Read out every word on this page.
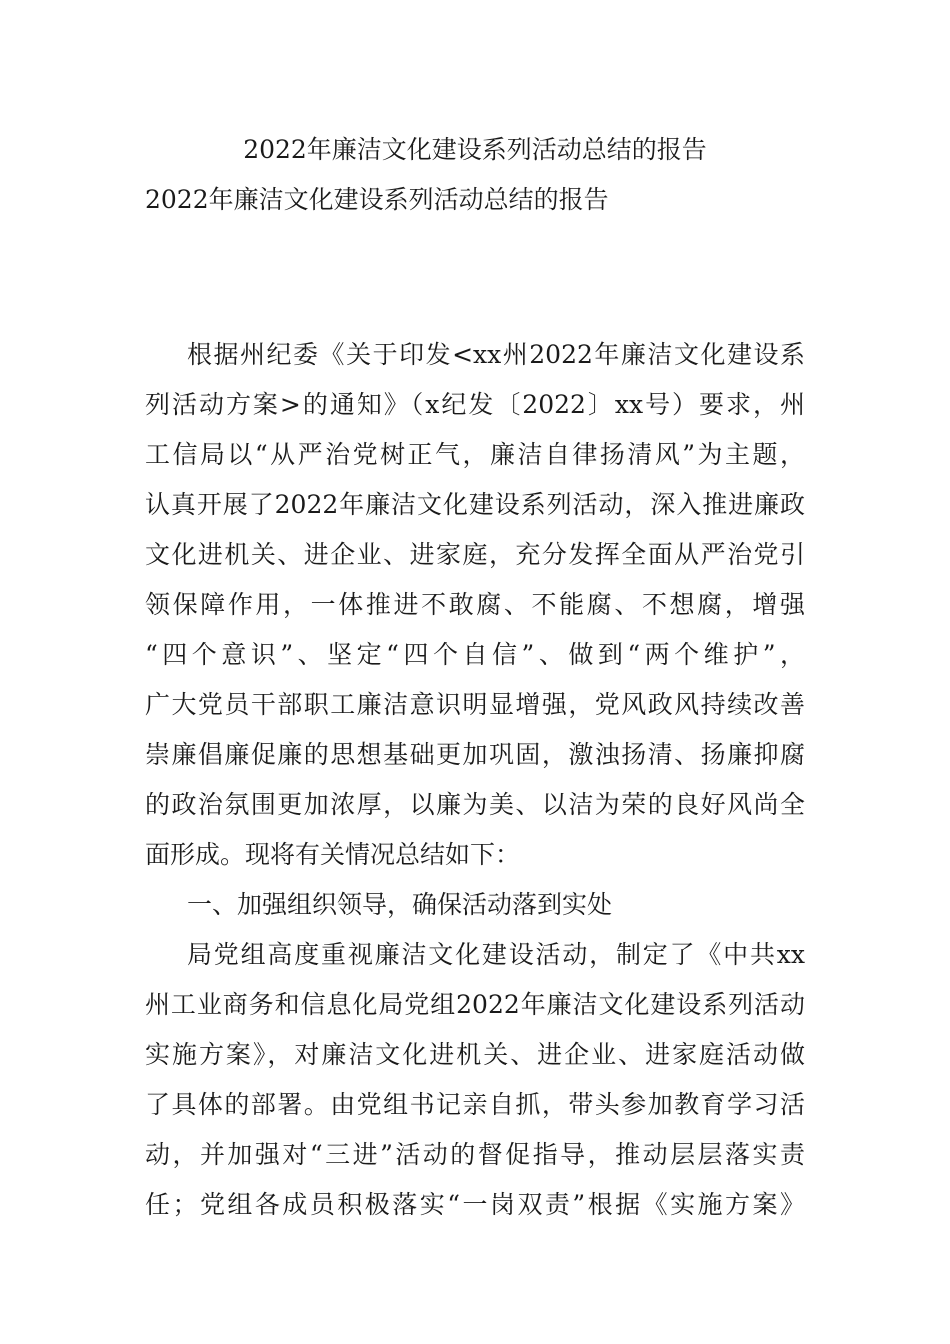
2022年廉洁文化建设系列活动总结的报告
2022年廉洁文化建设系列活动总结的报告
根据州纪委《关于印发<xx州2022年廉洁文化建设系
列活动方案>的通知》（x纪发〔2022〕xx号）要求，州
工信局以“从严治党树正气，廉洁自律扬清风”为主题，
认真开展了2022年廉洁文化建设系列活动，深入推进廉政
文化进机关、进企业、进家庭，充分发挥全面从严治党引
领保障作用，一体推进不敢腐、不能腐、不想腐，增强
“四个意识”、坚定“四个自信”、做到“两个维护”，
广大党员干部职工廉洁意识明显增强，党风政风持续改善
崇廉倡廉促廉的思想基础更加巩固，激浊扬清、扬廉抑腐
的政治氛围更加浓厚，以廉为美、以洁为荣的良好风尚全
面形成。现将有关情况总结如下：
一、加强组织领导，确保活动落到实处
局党组高度重视廉洁文化建设活动，制定了《中共xx
州工业商务和信息化局党组2022年廉洁文化建设系列活动
实施方案》，对廉洁文化进机关、进企业、进家庭活动做
了具体的部署。由党组书记亲自抓，带头参加教育学习活
动，并加强对“三进”活动的督促指导，推动层层落实责
任；党组各成员积极落实“一岗双责”根据《实施方案》
